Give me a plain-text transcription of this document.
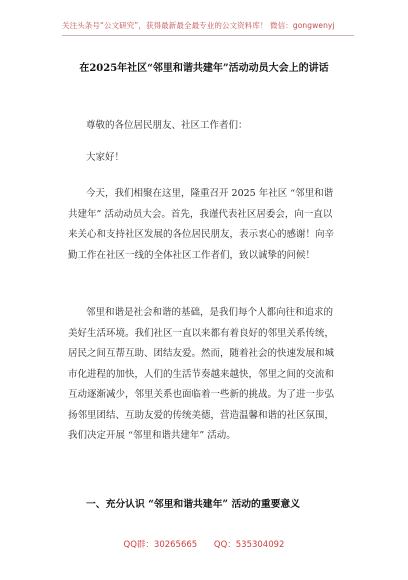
关注头条号“公文研究”，获得最新最全最专业的公文资料库！ 微信：gongwenyj
在2025年社区“邻里和谐共建年”活动动员大会上的讲话

尊敬的各位居民朋友、社区工作者们：

大家好！

今天，我们相聚在这里，隆重召开 2025 年社区 “邻里和谐共建年” 活动动员大会。首先，我谨代表社区居委会，向一直以来关心和支持社区发展的各位居民朋友，表示衷心的感谢！向辛勤工作在社区一线的全体社区工作者们，致以诚挚的问候！

邻里和谐是社会和谐的基础，是我们每个人都向往和追求的美好生活环境。我们社区一直以来都有着良好的邻里关系传统，居民之间互帮互助、团结友爱。然而，随着社会的快速发展和城市化进程的加快，人们的生活节奏越来越快，邻里之间的交流和互动逐渐减少，邻里关系也面临着一些新的挑战。为了进一步弘扬邻里团结、互助友爱的传统美德，营造温馨和谐的社区氛围，我们决定开展 “邻里和谐共建年” 活动。

一、充分认识 “邻里和谐共建年” 活动的重要意义

QQ群：30265665 QQ：535304092
